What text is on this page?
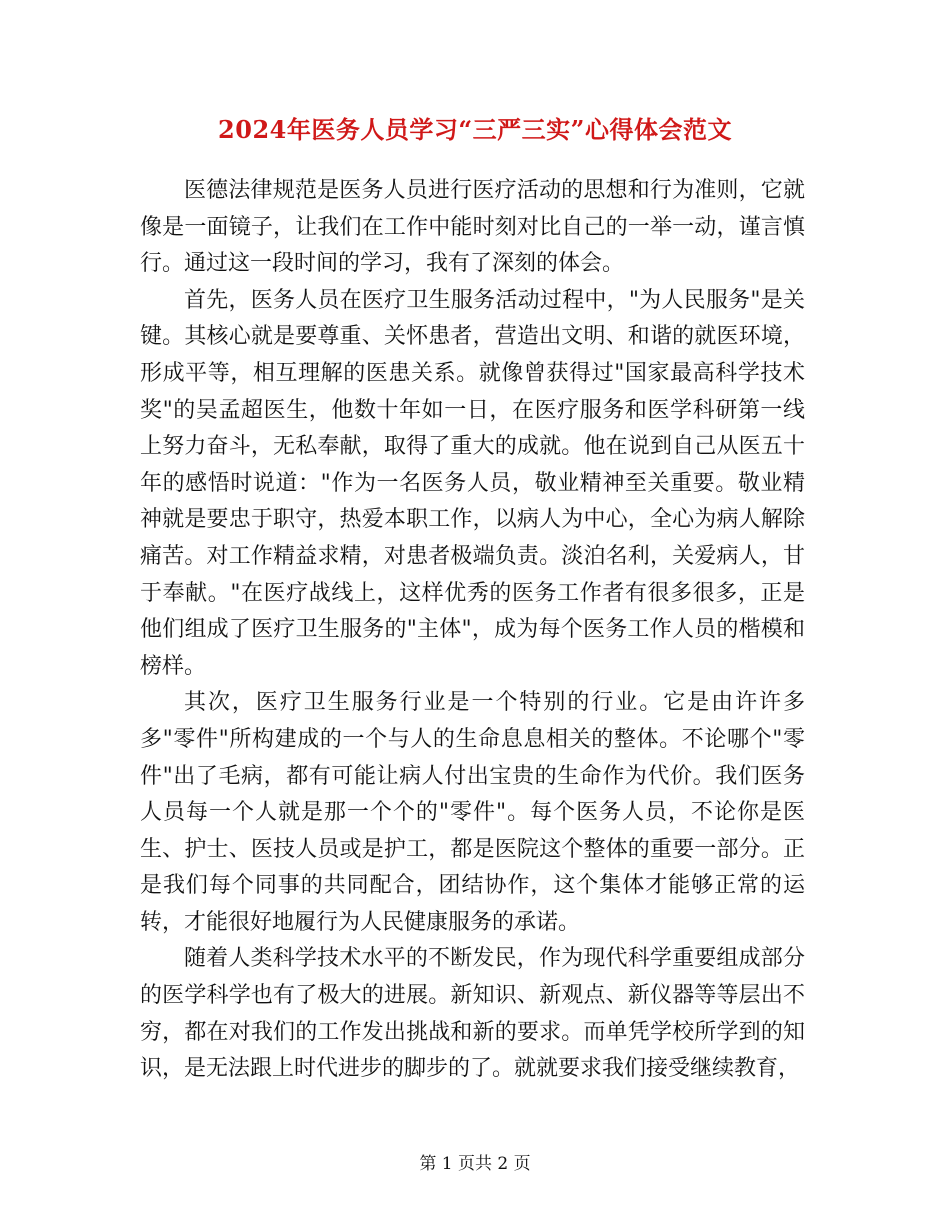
2024年医务人员学习“三严三实”心得体会范文

医德法律规范是医务人员进行医疗活动的思想和行为准则，它就像是一面镜子，让我们在工作中能时刻对比自己的一举一动，谨言慎行。通过这一段时间的学习，我有了深刻的体会。

首先，医务人员在医疗卫生服务活动过程中，"为人民服务"是关键。其核心就是要尊重、关怀患者，营造出文明、和谐的就医环境，形成平等，相互理解的医患关系。就像曾获得过"国家最高科学技术奖"的吴孟超医生，他数十年如一日，在医疗服务和医学科研第一线上努力奋斗，无私奉献，取得了重大的成就。他在说到自己从医五十年的感悟时说道："作为一名医务人员，敬业精神至关重要。敬业精神就是要忠于职守，热爱本职工作，以病人为中心，全心为病人解除痛苦。对工作精益求精，对患者极端负责。淡泊名利，关爱病人，甘于奉献。"在医疗战线上，这样优秀的医务工作者有很多很多，正是他们组成了医疗卫生服务的"主体"，成为每个医务工作人员的楷模和榜样。

其次，医疗卫生服务行业是一个特别的行业。它是由许许多多"零件"所构建成的一个与人的生命息息相关的整体。不论哪个"零件"出了毛病，都有可能让病人付出宝贵的生命作为代价。我们医务人员每一个人就是那一个个的"零件"。每个医务人员，不论你是医生、护士、医技人员或是护工，都是医院这个整体的重要一部分。正是我们每个同事的共同配合，团结协作，这个集体才能够正常的运转，才能很好地履行为人民健康服务的承诺。

随着人类科学技术水平的不断发民，作为现代科学重要组成部分的医学科学也有了极大的进展。新知识、新观点、新仪器等等层出不穷，都在对我们的工作发出挑战和新的要求。而单凭学校所学到的知识，是无法跟上时代进步的脚步的了。就就要求我们接受继续教育，

第 1 页共 2 页
